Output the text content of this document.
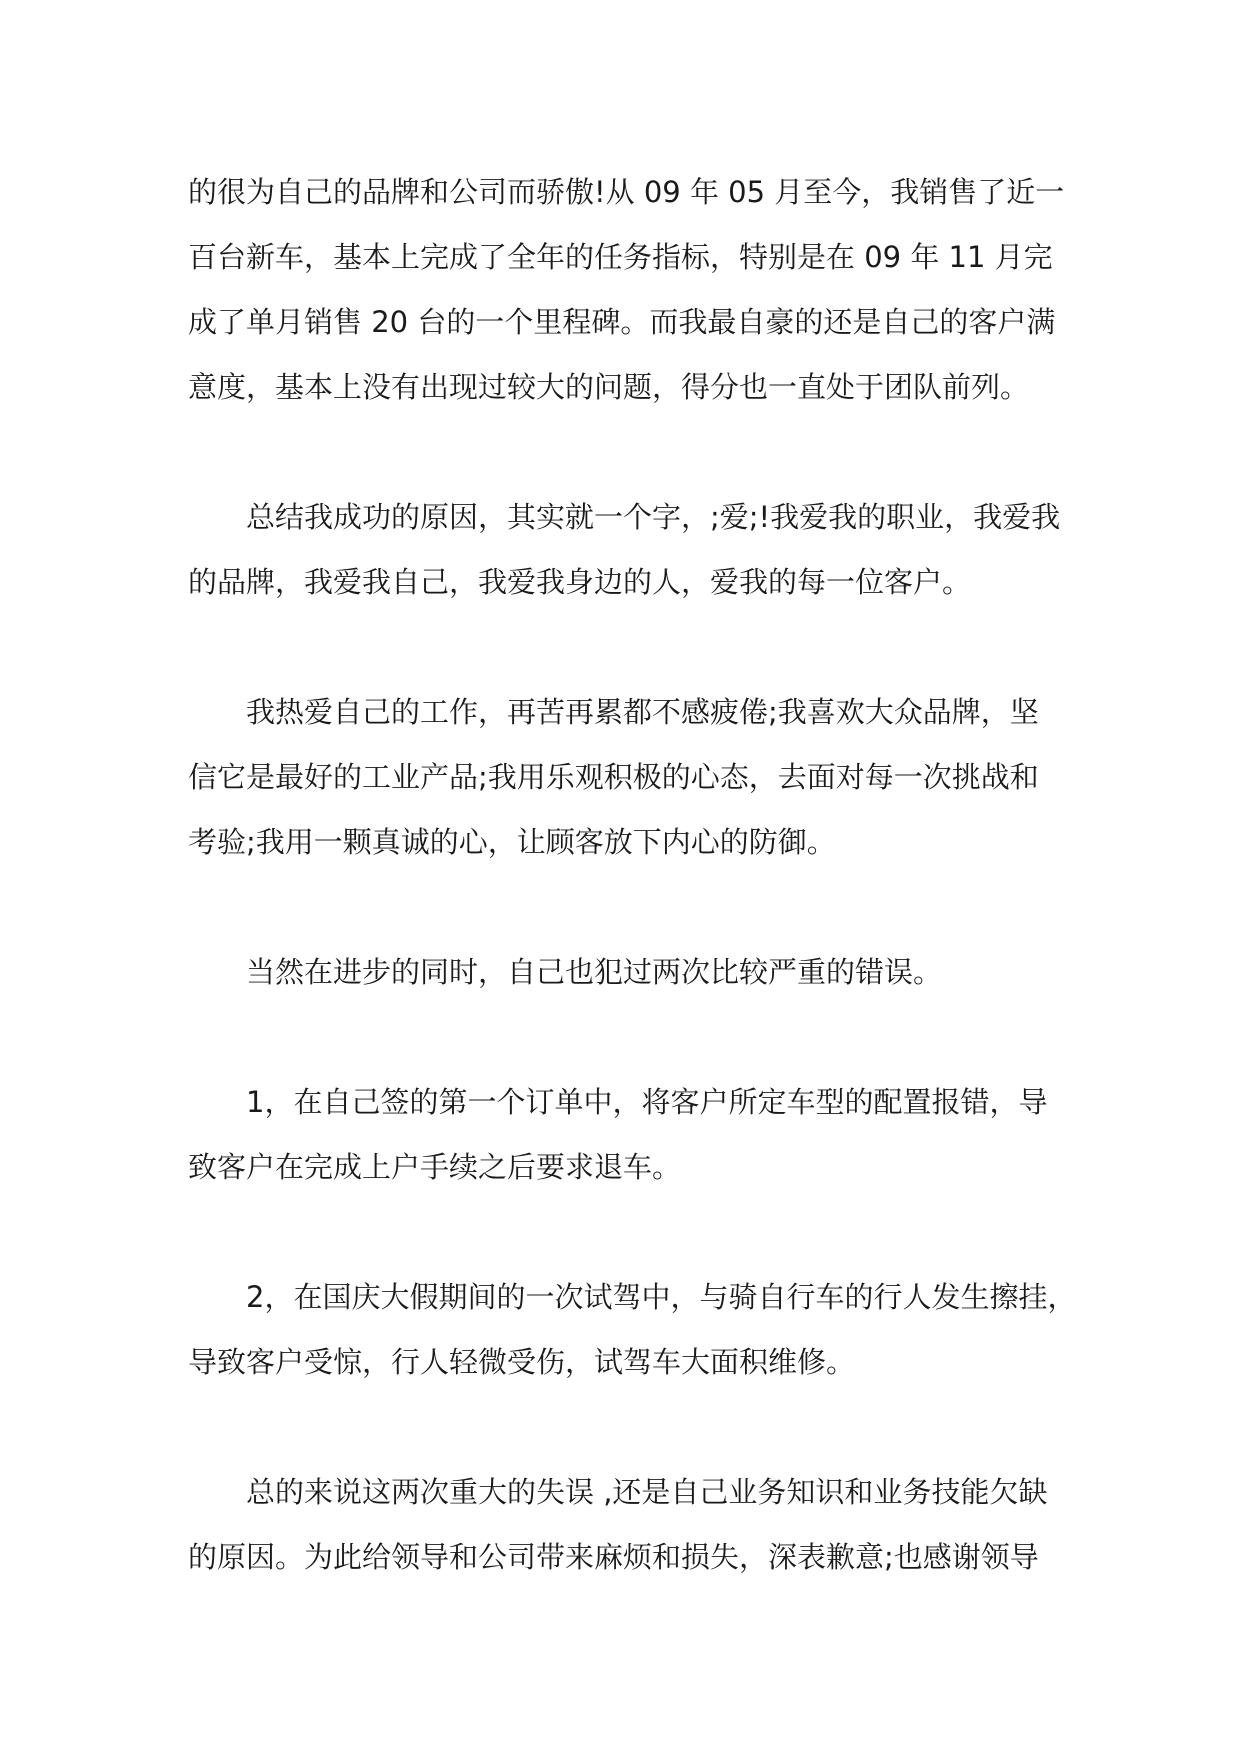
的很为自己的品牌和公司而骄傲!从 09 年 05 月至今，我销售了近一
百台新车，基本上完成了全年的任务指标，特别是在 09 年 11 月完
成了单月销售 20 台的一个里程碑。而我最自豪的还是自己的客户满
意度，基本上没有出现过较大的问题，得分也一直处于团队前列。
总结我成功的原因，其实就一个字，;爱;!我爱我的职业，我爱我
的品牌，我爱我自己，我爱我身边的人，爱我的每一位客户。
我热爱自己的工作，再苦再累都不感疲倦;我喜欢大众品牌，坚
信它是最好的工业产品;我用乐观积极的心态，去面对每一次挑战和
考验;我用一颗真诚的心，让顾客放下内心的防御。
当然在进步的同时，自己也犯过两次比较严重的错误。
1，在自己签的第一个订单中，将客户所定车型的配置报错，导
致客户在完成上户手续之后要求退车。
2，在国庆大假期间的一次试驾中，与骑自行车的行人发生擦挂，
导致客户受惊，行人轻微受伤，试驾车大面积维修。
总的来说这两次重大的失误 ,还是自己业务知识和业务技能欠缺
的原因。为此给领导和公司带来麻烦和损失，深表歉意;也感谢领导
